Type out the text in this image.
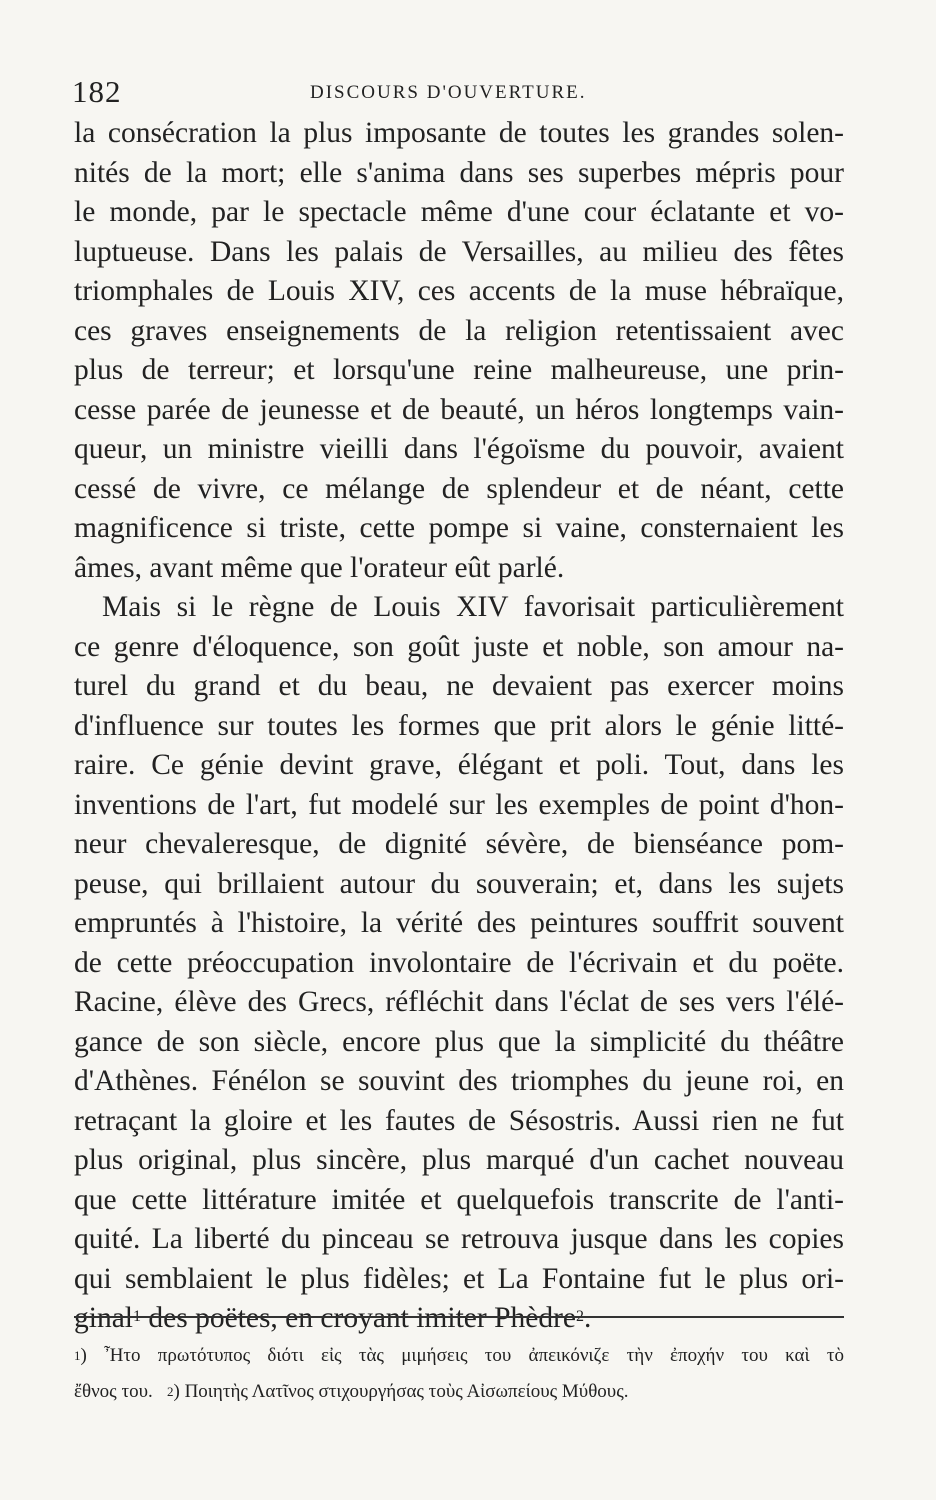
182	DISCOURS D'OUVERTURE.
la consécration la plus imposante de toutes les grandes solen-
nités de la mort; elle s'anima dans ses superbes mépris pour
le monde, par le spectacle même d'une cour éclatante et vo-
luptueuse. Dans les palais de Versailles, au milieu des fêtes
triomphales de Louis XIV, ces accents de la muse hébraïque,
ces graves enseignements de la religion retentissaient avec
plus de terreur; et lorsqu'une reine malheureuse, une prin-
cesse parée de jeunesse et de beauté, un héros longtemps vain-
queur, un ministre vieilli dans l'égoïsme du pouvoir, avaient
cessé de vivre, ce mélange de splendeur et de néant, cette
magnificence si triste, cette pompe si vaine, consternaient les
âmes, avant même que l'orateur eût parlé.
Mais si le règne de Louis XIV favorisait particulièrement
ce genre d'éloquence, son goût juste et noble, son amour na-
turel du grand et du beau, ne devaient pas exercer moins
d'influence sur toutes les formes que prit alors le génie litté-
raire. Ce génie devint grave, élégant et poli. Tout, dans les
inventions de l'art, fut modelé sur les exemples de point d'hon-
neur chevaleresque, de dignité sévère, de bienséance pom-
peuse, qui brillaient autour du souverain; et, dans les sujets
empruntés à l'histoire, la vérité des peintures souffrit souvent
de cette préoccupation involontaire de l'écrivain et du poëte.
Racine, élève des Grecs, réfléchit dans l'éclat de ses vers l'élé-
gance de son siècle, encore plus que la simplicité du théâtre
d'Athènes. Fénélon se souvint des triomphes du jeune roi, en
retraçant la gloire et les fautes de Sésostris. Aussi rien ne fut
plus original, plus sincère, plus marqué d'un cachet nouveau
que cette littérature imitée et quelquefois transcrite de l'anti-
quité. La liberté du pinceau se retrouva jusque dans les copies
qui semblaient le plus fidèles; et La Fontaine fut le plus ori-
ginal$^1$ des poëtes, en croyant imiter Phèdre$^2$.
$^1$) Ἦτο πρωτότυπος διότι εἰς τὰς μιμήσεις του ἀπεικόνιζε τὴν ἐποχήν του καὶ τὸ
ἔθνος του. $^2$) Ποιητὴς Λατῖνος στιχουργήσας τοὺς Αἰσωπείους Μύθους.
